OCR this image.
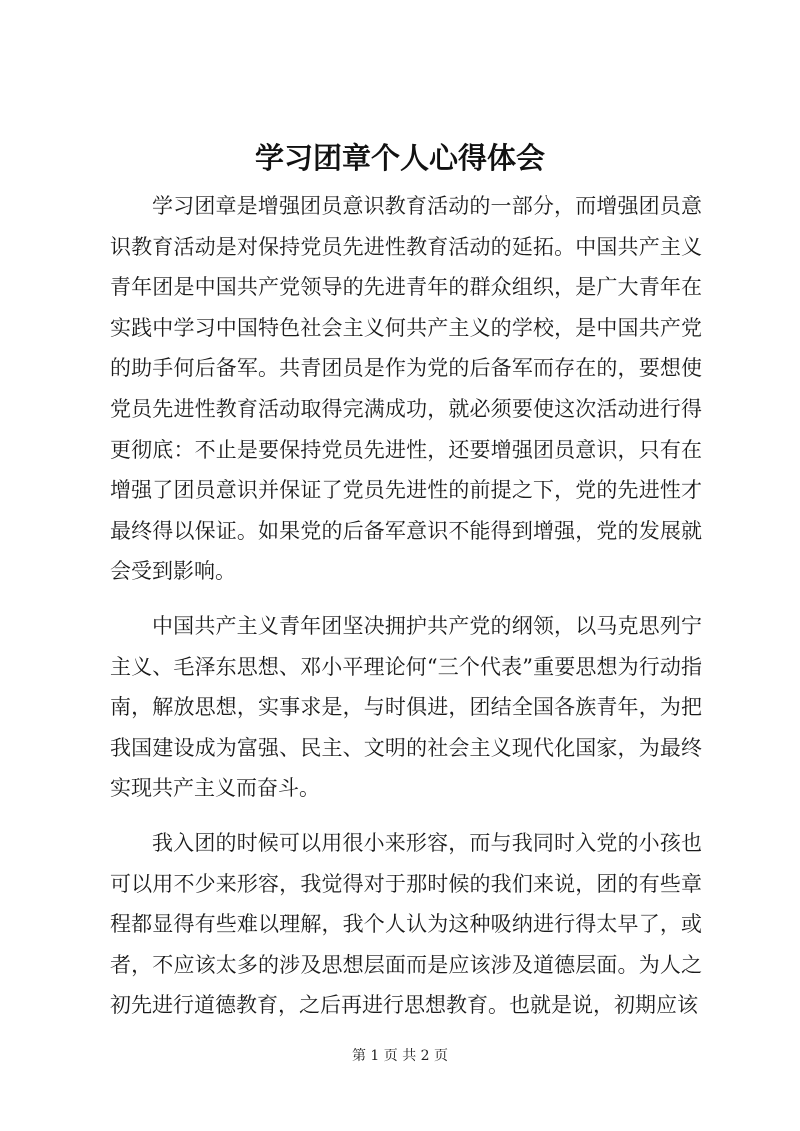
学习团章个人心得体会

学习团章是增强团员意识教育活动的一部分，而增强团员意识教育活动是对保持党员先进性教育活动的延拓。中国共产主义青年团是中国共产党领导的先进青年的群众组织，是广大青年在实践中学习中国特色社会主义何共产主义的学校，是中国共产党的助手何后备军。共青团员是作为党的后备军而存在的，要想使党员先进性教育活动取得完满成功，就必须要使这次活动进行得更彻底：不止是要保持党员先进性，还要增强团员意识，只有在增强了团员意识并保证了党员先进性的前提之下，党的先进性才最终得以保证。如果党的后备军意识不能得到增强，党的发展就会受到影响。

中国共产主义青年团坚决拥护共产党的纲领，以马克思列宁主义、毛泽东思想、邓小平理论何“三个代表”重要思想为行动指南，解放思想，实事求是，与时俱进，团结全国各族青年，为把我国建设成为富强、民主、文明的社会主义现代化国家，为最终实现共产主义而奋斗。

我入团的时候可以用很小来形容，而与我同时入党的小孩也可以用不少来形容，我觉得对于那时候的我们来说，团的有些章程都显得有些难以理解，我个人认为这种吸纳进行得太早了，或者，不应该太多的涉及思想层面而是应该涉及道德层面。为人之初先进行道德教育，之后再进行思想教育。也就是说，初期应该

第 1 页 共 2 页
